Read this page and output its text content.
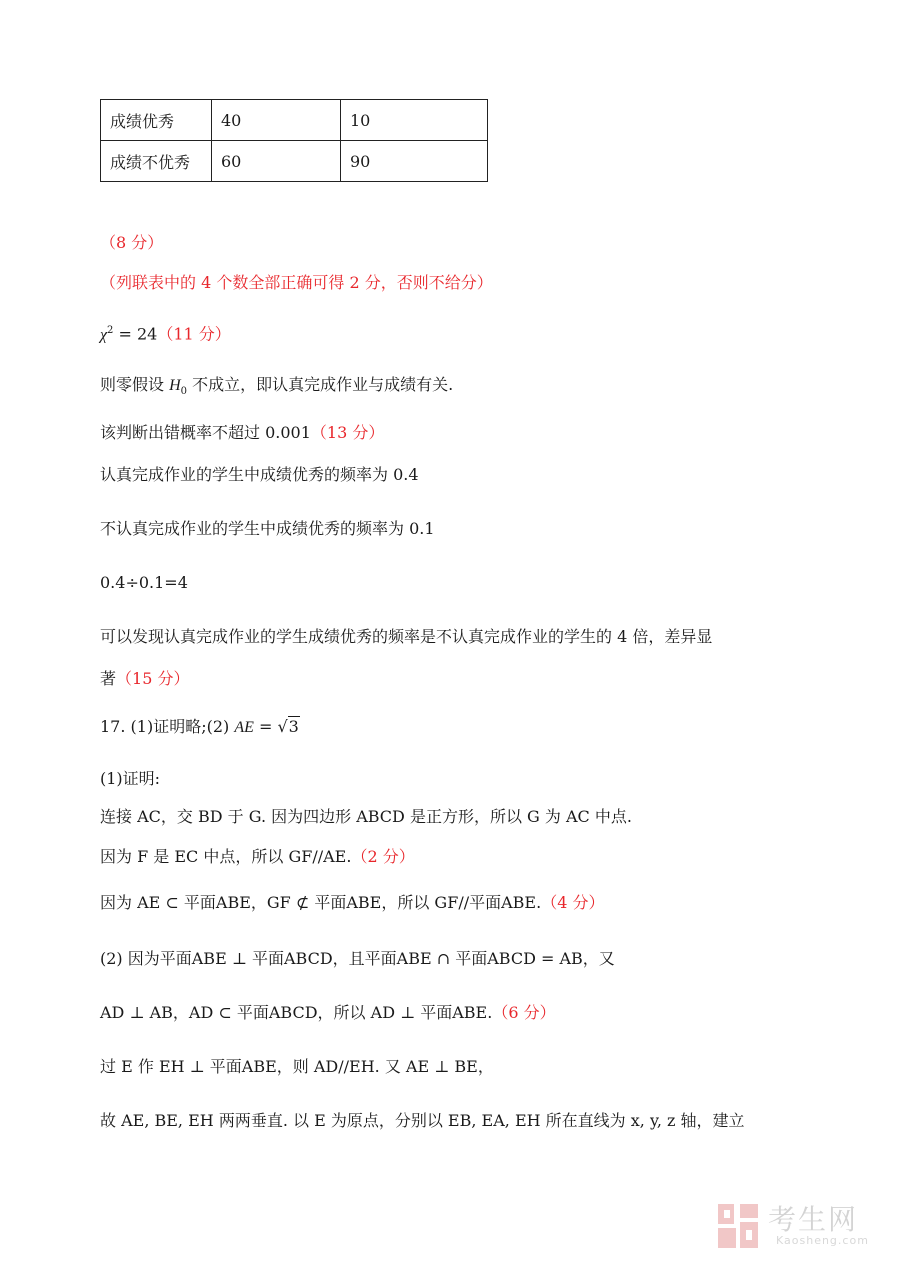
成绩优秀	40	10
成绩不优秀	60	90
（8 分）
（列联表中的 4 个数全部正确可得 2 分，否则不给分）
$\chi^2 = 24(11$ 分）
则零假设 $H_0$ 不成立，即认真完成作业与成绩有关.
该判断出错概率不超过 0.001（13 分）
认真完成作业的学生中成绩优秀的频率为 0.4
不认真完成作业的学生中成绩优秀的频率为 0.1
0.4÷0.1=4
可以发现认真完成作业的学生成绩优秀的频率是不认真完成作业的学生的 4 倍，差异显
著（15 分）
17. (1)证明略;(2) AE = √3
(1)证明:
连接 AC，交 BD 于 G. 因为四边形 ABCD 是正方形，所以 G 为 AC 中点.
因为 F 是 EC 中点，所以 GF//AE.（2 分）
因为 AE ⊂ 平面ABE，GF ⊄ 平面ABE，所以 GF//平面ABE.（4 分）
(2) 因为平面ABE ⊥ 平面ABCD，且平面ABE ∩ 平面ABCD = AB，又
AD ⊥ AB，AD ⊂ 平面ABCD，所以 AD ⊥ 平面ABE.（6 分）
过 E 作 EH ⊥ 平面ABE，则 AD//EH. 又 AE ⊥ BE，
故 AE, BE, EH 两两垂直. 以 E 为原点，分别以 EB, EA, EH 所在直线为 x, y, z 轴，建立
考生网
Kaosheng.com
